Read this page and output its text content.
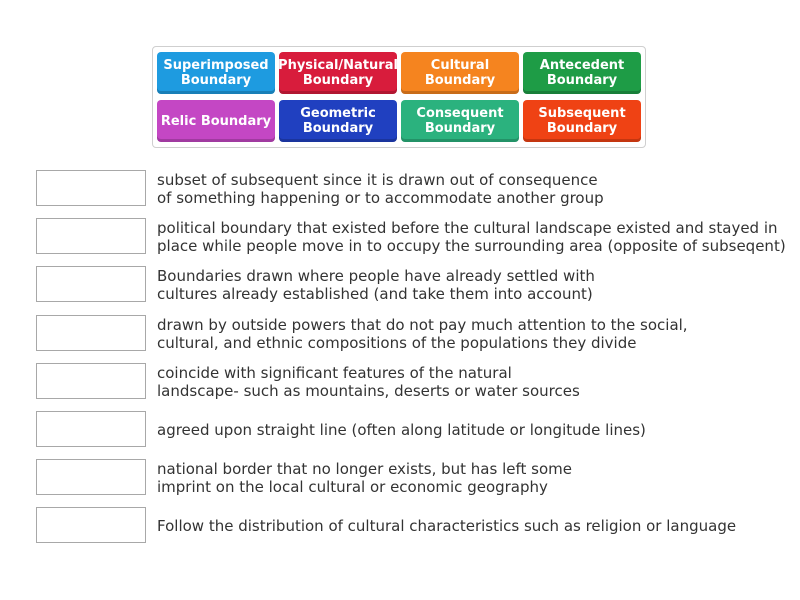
Superimposed
Boundary
Physical/Natural
Boundary
Cultural
Boundary
Antecedent
Boundary
Relic Boundary	Geometric
Boundary
Consequent
Boundary
Subsequent
Boundary
subset of subsequent since it is drawn out of consequence
of something happening or to accommodate another group
political boundary that existed before the cultural landscape existed and stayed in
place while people move in to occupy the surrounding area (opposite of subseqent)
Boundaries drawn where people have already settled with
cultures already established (and take them into account)
drawn by outside powers that do not pay much attention to the social,
cultural, and ethnic compositions of the populations they divide
coincide with significant features of the natural
landscape- such as mountains, deserts or water sources
agreed upon straight line (often along latitude or longitude lines)
national border that no longer exists, but has left some
imprint on the local cultural or economic geography
Follow the distribution of cultural characteristics such as religion or language
